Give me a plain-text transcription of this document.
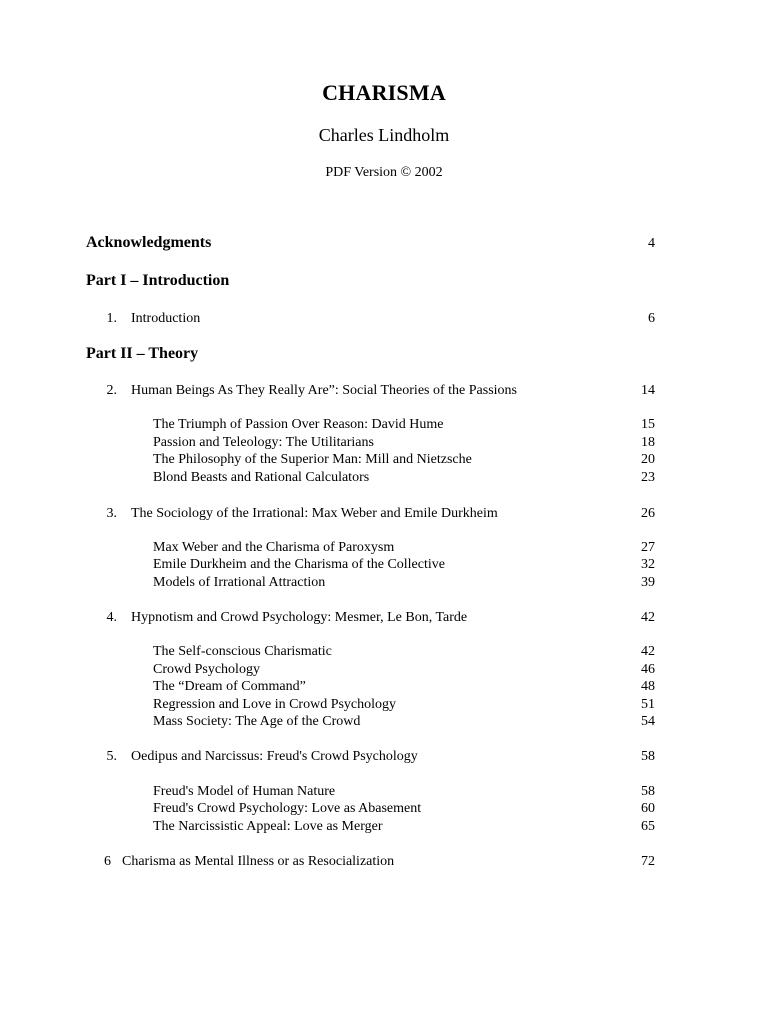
CHARISMA
Charles Lindholm
PDF Version © 2002
Acknowledgments	4
Part I – Introduction
1. Introduction	6
Part II – Theory
2. Human Beings As They Really Are”: Social Theories of the Passions	14
The Triumph of Passion Over Reason: David Hume	15
Passion and Teleology: The Utilitarians	18
The Philosophy of the Superior Man: Mill and Nietzsche	20
Blond Beasts and Rational Calculators	23
3. The Sociology of the Irrational: Max Weber and Emile Durkheim	26
Max Weber and the Charisma of Paroxysm	27
Emile Durkheim and the Charisma of the Collective	32
Models of Irrational Attraction	39
4. Hypnotism and Crowd Psychology: Mesmer, Le Bon, Tarde	42
The Self-conscious Charismatic	42
Crowd Psychology	46
The “Dream of Command”	48
Regression and Love in Crowd Psychology	51
Mass Society: The Age of the Crowd	54
5. Oedipus and Narcissus: Freud's Crowd Psychology	58
Freud's Model of Human Nature	58
Freud's Crowd Psychology: Love as Abasement	60
The Narcissistic Appeal: Love as Merger	65
6 Charisma as Mental Illness or as Resocialization	72
